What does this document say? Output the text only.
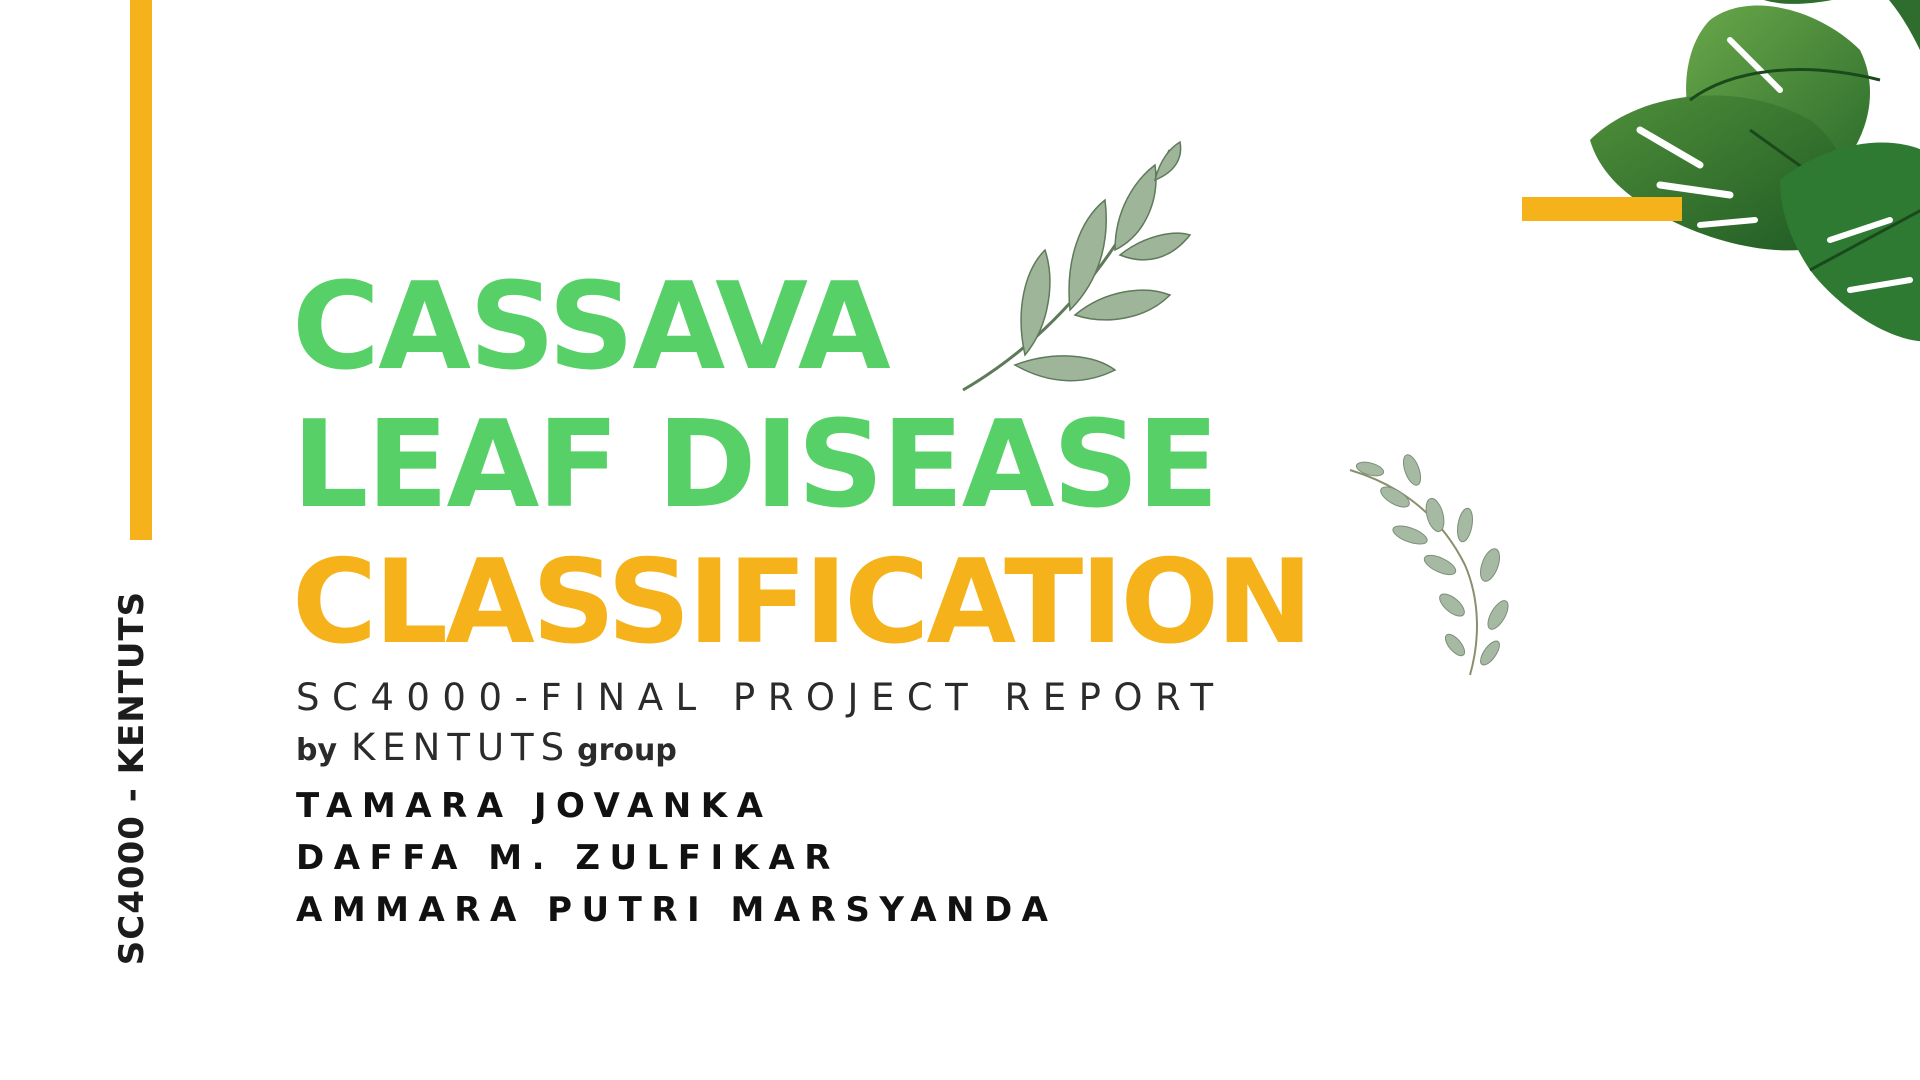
SC4000 - KENTUTS
CASSAVA
LEAF DISEASE
CLASSIFICATION
SC4000-FINAL PROJECT REPORT
by KENTUTS group
TAMARA JOVANKA
DAFFA M. ZULFIKAR
AMMARA PUTRI MARSYANDA
